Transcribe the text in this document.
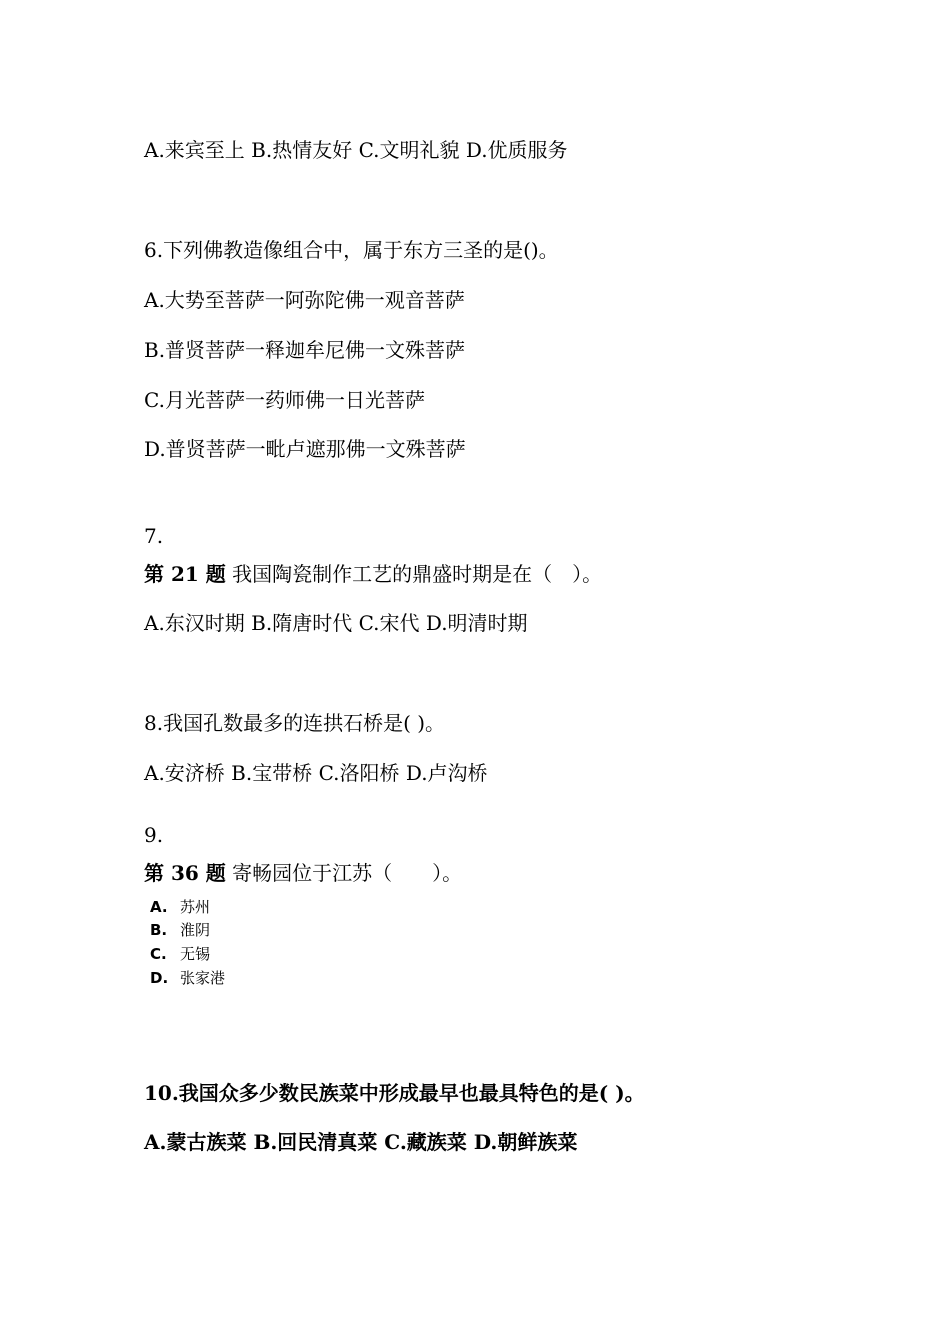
A.来宾至上 B.热情友好 C.文明礼貌 D.优质服务
6.下列佛教造像组合中，属于东方三圣的是()。
A.大势至菩萨一阿弥陀佛一观音菩萨
B.普贤菩萨一释迦牟尼佛一文殊菩萨
C.月光菩萨一药师佛一日光菩萨
D.普贤菩萨一毗卢遮那佛一文殊菩萨
7.
第 21 题 我国陶瓷制作工艺的鼎盛时期是在（　）。
A.东汉时期 B.隋唐时代 C.宋代 D.明清时期
8.我国孔数最多的连拱石桥是( )。
A.安济桥 B.宝带桥 C.洛阳桥 D.卢沟桥
9.
第 36 题 寄畅园位于江苏（　　）。
A. 苏州
B. 淮阴
C. 无锡
D. 张家港
10.我国众多少数民族菜中形成最早也最具特色的是( )。
A.蒙古族菜 B.回民清真菜 C.藏族菜 D.朝鲜族菜
